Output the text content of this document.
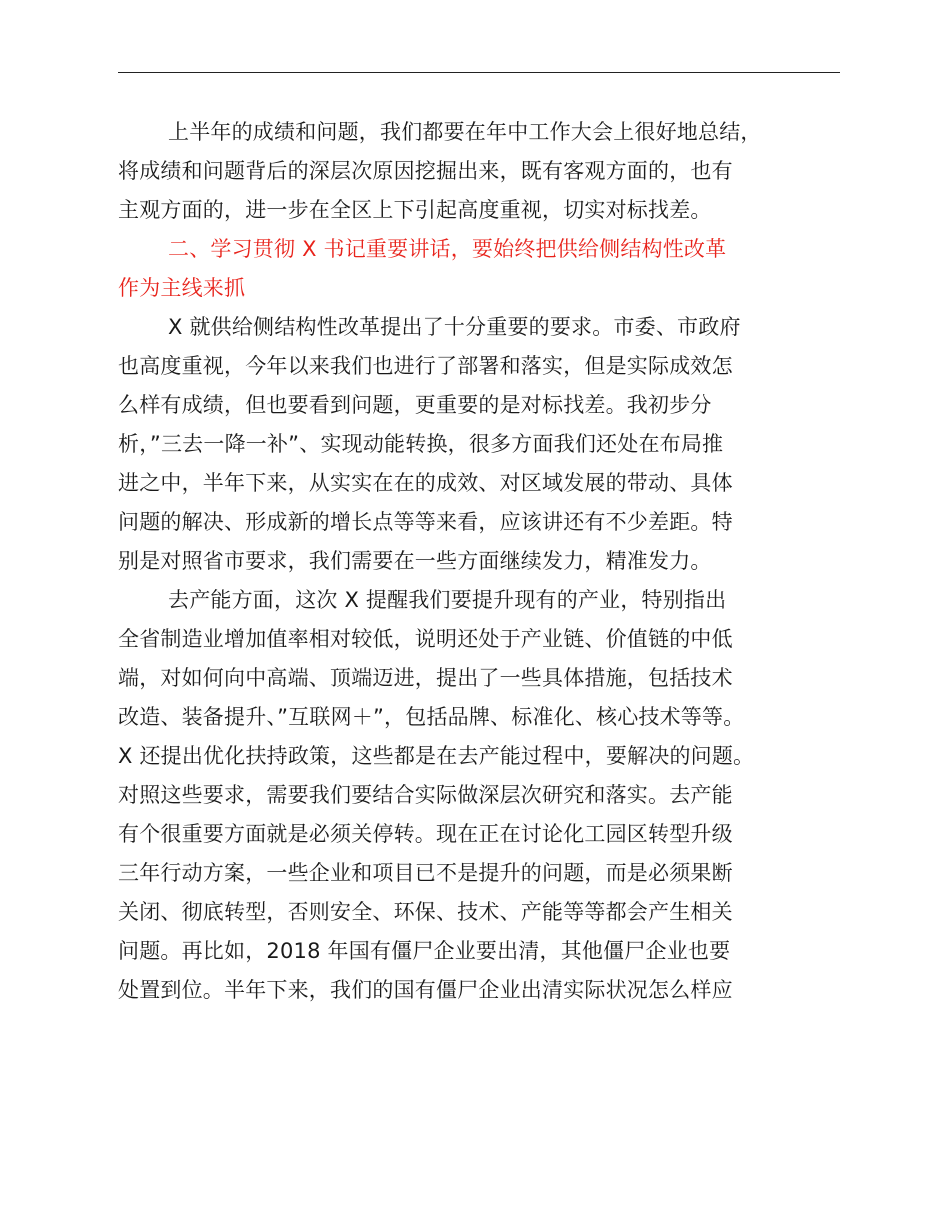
上半年的成绩和问题，我们都要在年中工作大会上很好地总结，
将成绩和问题背后的深层次原因挖掘出来，既有客观方面的，也有
主观方面的，进一步在全区上下引起高度重视，切实对标找差。
二、学习贯彻 X 书记重要讲话，要始终把供给侧结构性改革
作为主线来抓
X 就供给侧结构性改革提出了十分重要的要求。市委、市政府
也高度重视，今年以来我们也进行了部署和落实，但是实际成效怎
么样有成绩，但也要看到问题，更重要的是对标找差。我初步分
析，”三去一降一补”、实现动能转换，很多方面我们还处在布局推
进之中，半年下来，从实实在在的成效、对区域发展的带动、具体
问题的解决、形成新的增长点等等来看，应该讲还有不少差距。特
别是对照省市要求，我们需要在一些方面继续发力，精准发力。
去产能方面，这次 X 提醒我们要提升现有的产业，特别指出
全省制造业增加值率相对较低，说明还处于产业链、价值链的中低
端，对如何向中高端、顶端迈进，提出了一些具体措施，包括技术
改造、装备提升、”互联网＋”，包括品牌、标准化、核心技术等等。
X 还提出优化扶持政策，这些都是在去产能过程中，要解决的问题。
对照这些要求，需要我们要结合实际做深层次研究和落实。去产能
有个很重要方面就是必须关停转。现在正在讨论化工园区转型升级
三年行动方案，一些企业和项目已不是提升的问题，而是必须果断
关闭、彻底转型，否则安全、环保、技术、产能等等都会产生相关
问题。再比如，2018 年国有僵尸企业要出清，其他僵尸企业也要
处置到位。半年下来，我们的国有僵尸企业出清实际状况怎么样应
